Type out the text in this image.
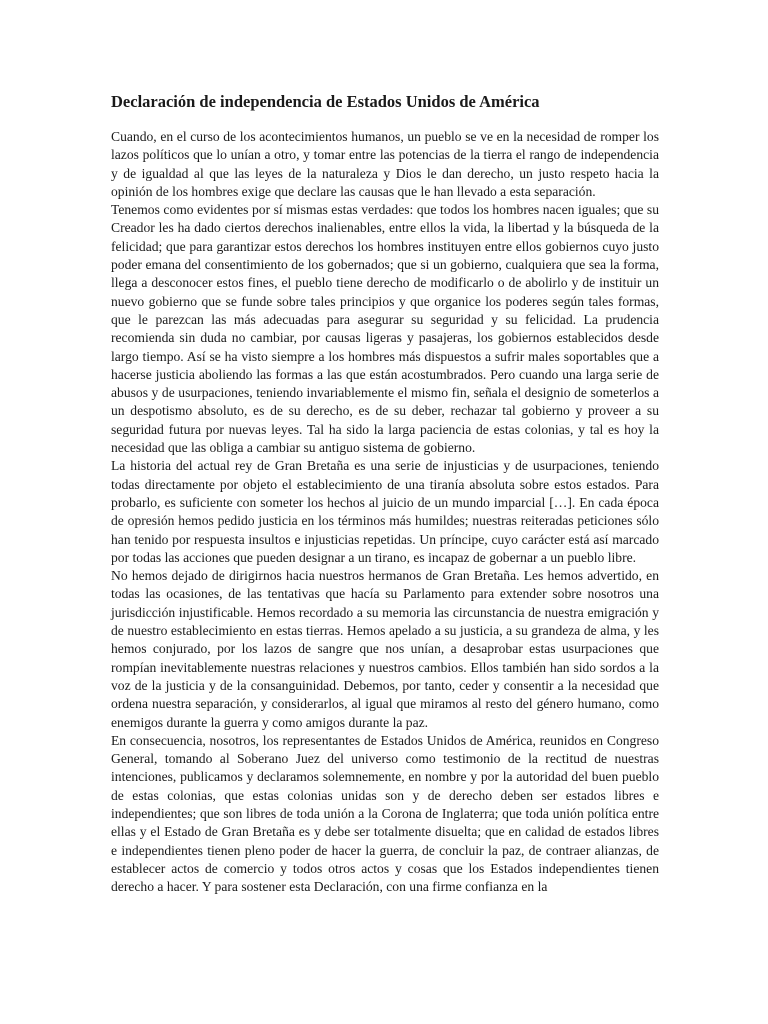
Declaración de independencia de Estados Unidos de América

Cuando, en el curso de los acontecimientos humanos, un pueblo se ve en la necesidad de romper los lazos políticos que lo unían a otro, y tomar entre las potencias de la tierra el rango de independencia y de igualdad al que las leyes de la naturaleza y Dios le dan derecho, un justo respeto hacia la opinión de los hombres exige que declare las causas que le han llevado a esta separación.

Tenemos como evidentes por sí mismas estas verdades: que todos los hombres nacen iguales; que su Creador les ha dado ciertos derechos inalienables, entre ellos la vida, la libertad y la búsqueda de la felicidad; que para garantizar estos derechos los hombres instituyen entre ellos gobiernos cuyo justo poder emana del consentimiento de los gobernados; que si un gobierno, cualquiera que sea la forma, llega a desconocer estos fines, el pueblo tiene derecho de modificarlo o de abolirlo y de instituir un nuevo gobierno que se funde sobre tales principios y que organice los poderes según tales formas, que le parezcan las más adecuadas para asegurar su seguridad y su felicidad. La prudencia recomienda sin duda no cambiar, por causas ligeras y pasajeras, los gobiernos establecidos desde largo tiempo. Así se ha visto siempre a los hombres más dispuestos a sufrir males soportables que a hacerse justicia aboliendo las formas a las que están acostumbrados. Pero cuando una larga serie de abusos y de usurpaciones, teniendo invariablemente el mismo fin, señala el designio de someterlos a un despotismo absoluto, es de su derecho, es de su deber, rechazar tal gobierno y proveer a su seguridad futura por nuevas leyes. Tal ha sido la larga paciencia de estas colonias, y tal es hoy la necesidad que las obliga a cambiar su antiguo sistema de gobierno.

La historia del actual rey de Gran Bretaña es una serie de injusticias y de usurpaciones, teniendo todas directamente por objeto el establecimiento de una tiranía absoluta sobre estos estados. Para probarlo, es suficiente con someter los hechos al juicio de un mundo imparcial […]. En cada época de opresión hemos pedido justicia en los términos más humildes; nuestras reiteradas peticiones sólo han tenido por respuesta insultos e injusticias repetidas. Un príncipe, cuyo carácter está así marcado por todas las acciones que pueden designar a un tirano, es incapaz de gobernar a un pueblo libre.

No hemos dejado de dirigirnos hacia nuestros hermanos de Gran Bretaña. Les hemos advertido, en todas las ocasiones, de las tentativas que hacía su Parlamento para extender sobre nosotros una jurisdicción injustificable. Hemos recordado a su memoria las circunstancia de nuestra emigración y de nuestro establecimiento en estas tierras. Hemos apelado a su justicia, a su grandeza de alma, y les hemos conjurado, por los lazos de sangre que nos unían, a desaprobar estas usurpaciones que rompían inevitablemente nuestras relaciones y nuestros cambios. Ellos también han sido sordos a la voz de la justicia y de la consanguinidad. Debemos, por tanto, ceder y consentir a la necesidad que ordena nuestra separación, y considerarlos, al igual que miramos al resto del género humano, como enemigos durante la guerra y como amigos durante la paz.

En consecuencia, nosotros, los representantes de Estados Unidos de América, reunidos en Congreso General, tomando al Soberano Juez del universo como testimonio de la rectitud de nuestras intenciones, publicamos y declaramos solemnemente, en nombre y por la autoridad del buen pueblo de estas colonias, que estas colonias unidas son y de derecho deben ser estados libres e independientes; que son libres de toda unión a la Corona de Inglaterra; que toda unión política entre ellas y el Estado de Gran Bretaña es y debe ser totalmente disuelta; que en calidad de estados libres e independientes tienen pleno poder de hacer la guerra, de concluir la paz, de contraer alianzas, de establecer actos de comercio y todos otros actos y cosas que los Estados independientes tienen derecho a hacer. Y para sostener esta Declaración, con una firme confianza en la
